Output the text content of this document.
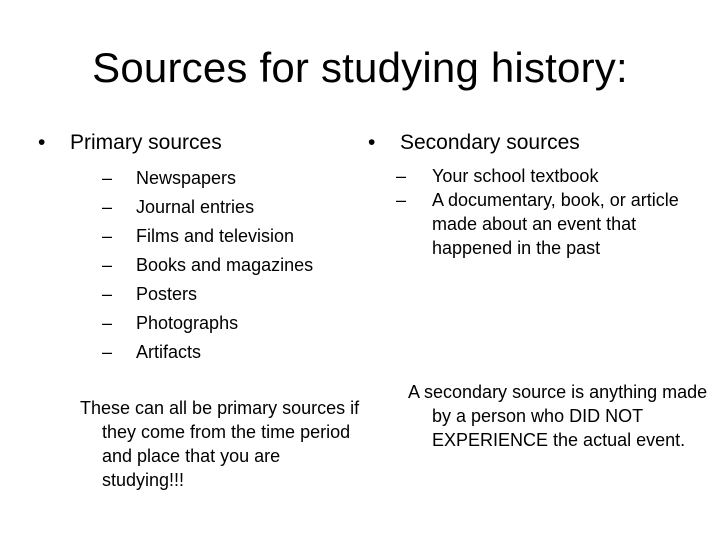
Sources for studying history:
•	Primary sources
–	Newspapers
–	Journal entries
–	Films and television
–	Books and magazines
–	Posters
–	Photographs
–	Artifacts
•	Secondary sources
–	Your school textbook
–	A documentary, book, or article made about an event that happened in the past
These can all be primary sources if they come from the time period and place that you are studying!!!
A secondary source is anything made by a person who DID NOT EXPERIENCE the actual event.
